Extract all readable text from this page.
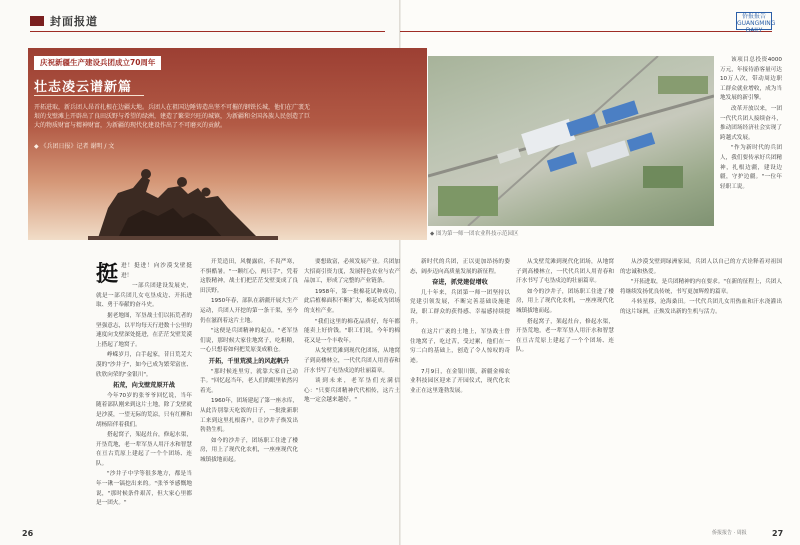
封面报道	侨报报告 GUANGMING DAILY
庆祝新疆生产建设兵团成立70周年
壮志凌云谱新篇
开拓进取，新兵团人昂首扎根在边疆大地。兵团人在祖国边陲铸造出坚不可摧的钢铁长城，他们在广袤无垠的戈壁滩上开辟出了良田沃野与希望的绿洲，建造了繁荣兴旺的城镇，为新疆和全国各族人民创造了巨大的物质财富与精神财富，为新疆的现代化建设作出了不可磨灭的贡献。
◆ 《兵团日报》记者 谢明 / 文
◆ 图为第一师一团农业科技示范园区
挺 进！挺进！向沙漠戈壁挺进！

一部兵团建设发展史，就是一部兵团儿女屯垦戍边、开拓进取、勇于奉献的奋斗史。

据老地图，军垦战士们以拓荒者的坚强意志，以平均每天行进数十公里的速度向戈壁深处挺进，在茫茫戈壁荒漠上搭起了地窝子。

峥嵘岁月，白手起家，昔日荒芜大漠的"沙井子"，如今已成为繁荣富庶、欣欣向荣的"金银川"。

拓荒，向戈壁荒原开战

今年70岁的张爷爷回忆说，当年随着部队刚来到这片土地，除了戈壁就是沙漠，一望无际的荒凉，只有红柳和胡杨陪伴着我们。

搭起窝子，架起灶台，修起水渠，开垦荒地，老一辈军垦人用汗水和智慧在亘古荒原上建起了一个个团场、连队。

"沙井子中学等很多地方，都是当年一锹一镐挖出来的。"张爷爷感慨地说，"那时候条件艰苦，但大家心里都是一团火。"

开荒造田，风餐露宿，不畏严寒，不惧酷暑。"一颗红心，两只手"，凭着这股精神，战士们把茫茫戈壁变成了良田沃野。

1950年春，部队在新疆开展大生产运动，兵团人开挖的第一条干渠，至今仍在滋润着这片土地。

"这便是兵团精神的起点。"老军垦们说，那时候大家住地窝子，吃粗粮，一心只想着如何把荒原变成粮仓。

开拓，千里荒漠上的风起帆升

"那时候连里穷，就靠大家自己动手。"回忆起当年，老人们的眼里依然闪着光。

1960年，团场建起了第一座水库，从此告别靠天吃饭的日子，一批批新职工来到这里扎根落户，让沙井子焕发出勃勃生机。

如今的沙井子，团场职工住进了楼房，用上了现代化农机，一座座现代化城镇拔地而起。

要想致富，必须发展产业。兵团加大招商引资力度，发展特色农业与农产品加工，形成了完整的产业链条。

1958年，第一批棉花试种成功，此后植棉面积不断扩大，棉花成为团场的支柱产业。

"我们这里的棉花品质好，每年都能卖上好价钱。"职工们说，今年的棉花又是一个丰收年。

从戈壁荒滩到现代化团场，从地窝子到高楼林立，一代代兵团人用青春和汗水书写了屯垦戍边的壮丽篇章。

谈到未来，老军垦们充满信心："只要兵团精神代代相传，这片土地一定会越来越好。"

新时代的兵团，正以更加昂扬的姿态，阔步迈向高质量发展的新征程。

奋进，抓党建促增收

几十年来，兵团第一师一团坚持以党建引领发展，不断完善基础设施建设，职工群众的获得感、幸福感持续提升。

在这片广袤的土地上，军垦战士曾住地窝子，吃过苦，受过累，他们在一穷二白的基础上，创造了令人惊叹的奇迹。

7月9日，在金银川镇，新疆金棉农业科技园区迎来了开园仪式，现代化农业正在这里蓬勃发展。

该项目总投资4000万元，年接待游客量可达10万人次，带动周边职工群众就业增收，成为当地发展的新引擎。

改革开放以来，一团一代代兵团人接续奋斗，推动团场经济社会实现了跨越式发展。

"作为新时代的兵团人，我们要传承好兵团精神，扎根边疆，建设边疆，守护边疆。"一位年轻职工说。

从沙漠戈壁到绿洲家园，兵团人以自己的方式诠释着对祖国的忠诚和热爱。

"开拓进取，是兵团精神的内在要求。"在新的征程上，兵团人将继续发扬优良传统，书写更加辉煌的篇章。

斗转星移，沧海桑田。一代代兵团儿女用热血和汗水浇灌出的这片绿洲，正焕发出新的生机与活力。

从戈壁荒滩到现代化团场，从地窝子到高楼林立，一代代兵团人用青春和汗水书写了屯垦戍边的壮丽篇章。

如今的沙井子，团场职工住进了楼房，用上了现代化农机，一座座现代化城镇拔地而起。

搭起窝子，架起灶台，修起水渠，开垦荒地，老一辈军垦人用汗水和智慧在亘古荒原上建起了一个个团场、连队。

26	27
侨报报告 · 周报
